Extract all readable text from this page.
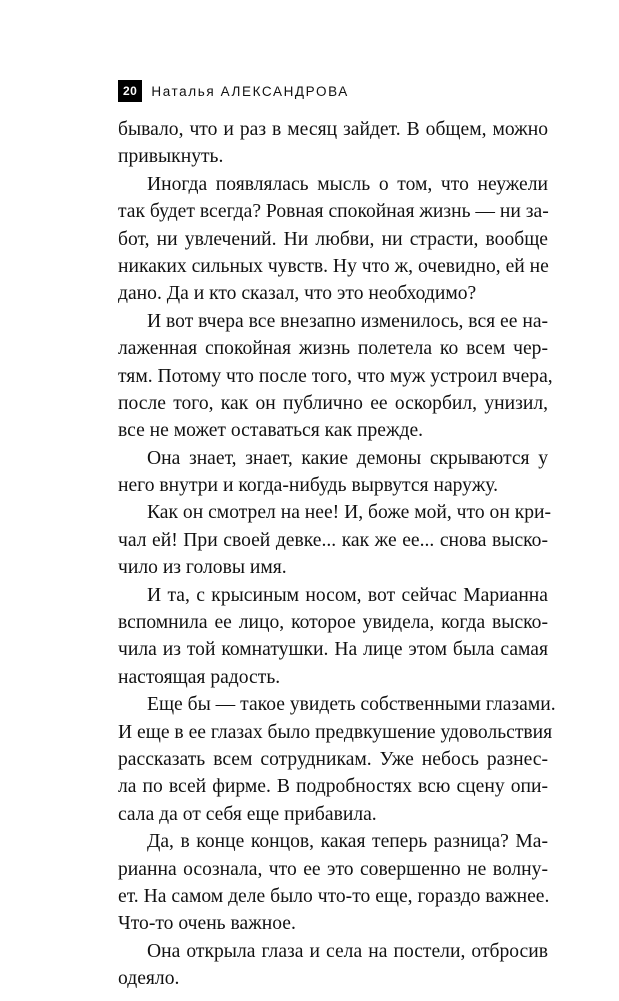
20	Наталья АЛЕКСАНДРОВА
бывало, что и раз в месяц зайдет. В общем, можно
привыкнуть.
Иногда появлялась мысль о том, что неужели
так будет всегда? Ровная спокойная жизнь — ни за-
бот, ни увлечений. Ни любви, ни страсти, вообще
никаких сильных чувств. Ну что ж, очевидно, ей не
дано. Да и кто сказал, что это необходимо?
И вот вчера все внезапно изменилось, вся ее на-
лаженная спокойная жизнь полетела ко всем чер-
тям. Потому что после того, что муж устроил вчера,
после того, как он публично ее оскорбил, унизил,
все не может оставаться как прежде.
Она знает, знает, какие демоны скрываются у
него внутри и когда-нибудь вырвутся наружу.
Как он смотрел на нее! И, боже мой, что он кри-
чал ей! При своей девке... как же ее... снова выско-
чило из головы имя.
И та, с крысиным носом, вот сейчас Марианна
вспомнила ее лицо, которое увидела, когда выско-
чила из той комнатушки. На лице этом была самая
настоящая радость.
Еще бы — такое увидеть собственными глазами.
И еще в ее глазах было предвкушение удовольствия
рассказать всем сотрудникам. Уже небось разнес-
ла по всей фирме. В подробностях всю сцену опи-
сала да от себя еще прибавила.
Да, в конце концов, какая теперь разница? Ма-
рианна осознала, что ее это совершенно не волну-
ет. На самом деле было что-то еще, гораздо важнее.
Что-то очень важное.
Она открыла глаза и села на постели, отбросив
одеяло.
